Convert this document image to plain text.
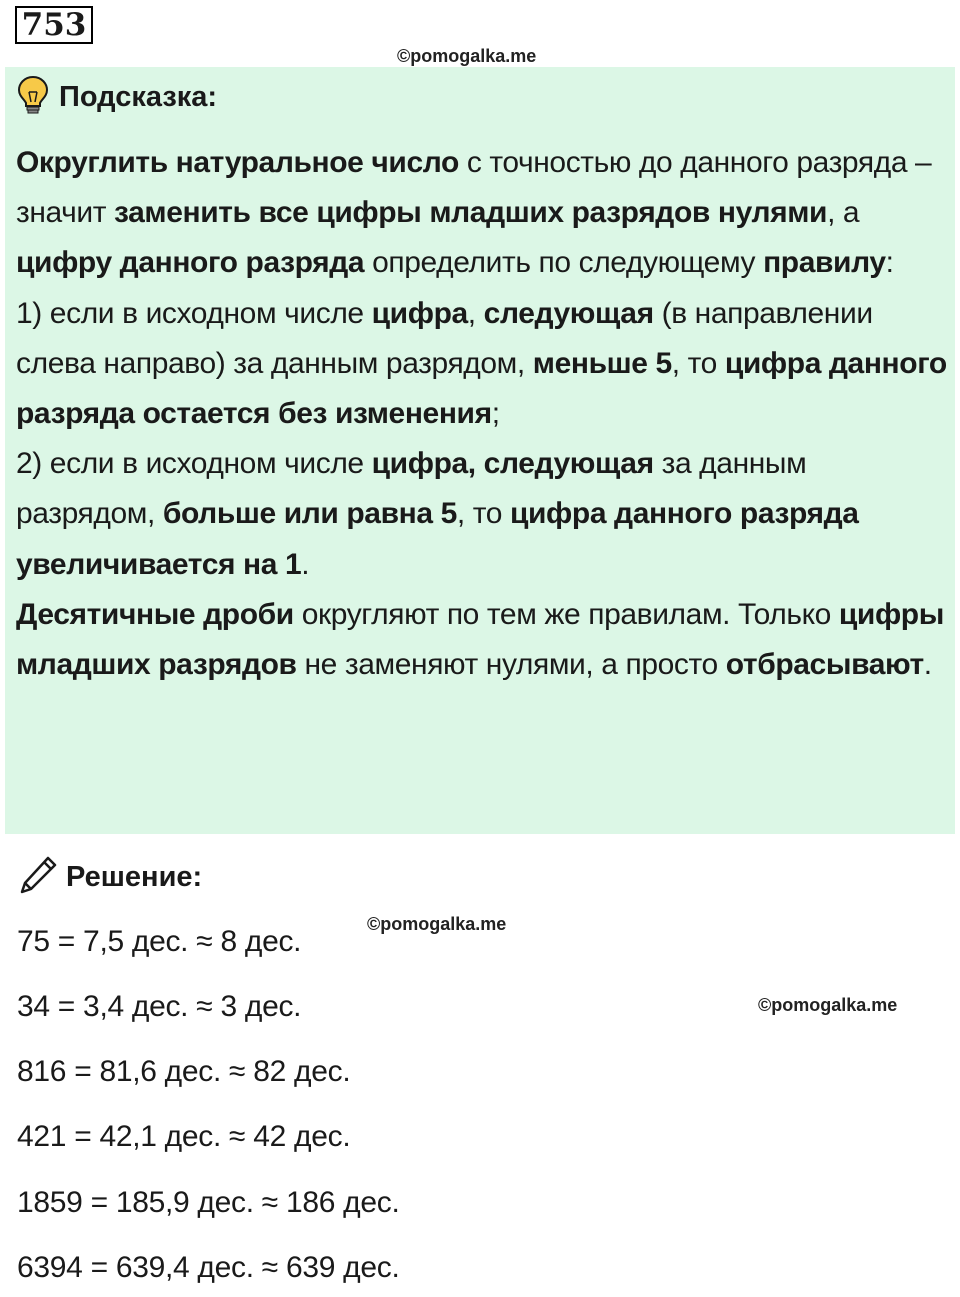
753
©pomogalka.me
Подсказка:

Округлить натуральное число с точностью до данного разряда – значит заменить все цифры младших разрядов нулями, а цифру данного разряда определить по следующему правилу:

1) если в исходном числе цифра, следующая (в направлении слева направо) за данным разрядом, меньше 5, то цифра данного разряда остается без изменения;

2) если в исходном числе цифра, следующая за данным разрядом, больше или равна 5, то цифра данного разряда увеличивается на 1.

Десятичные дроби округляют по тем же правилам. Только цифры младших разрядов не заменяют нулями, а просто отбрасывают.

Решение:
©pomogalka.me
©pomogalka.me
75 = 7,5 дес. ≈ 8 дес.
34 = 3,4 дес. ≈ 3 дес.
816 = 81,6 дес. ≈ 82 дес.
421 = 42,1 дес. ≈ 42 дес.
1859 = 185,9 дес. ≈ 186 дес.
6394 = 639,4 дес. ≈ 639 дес.
